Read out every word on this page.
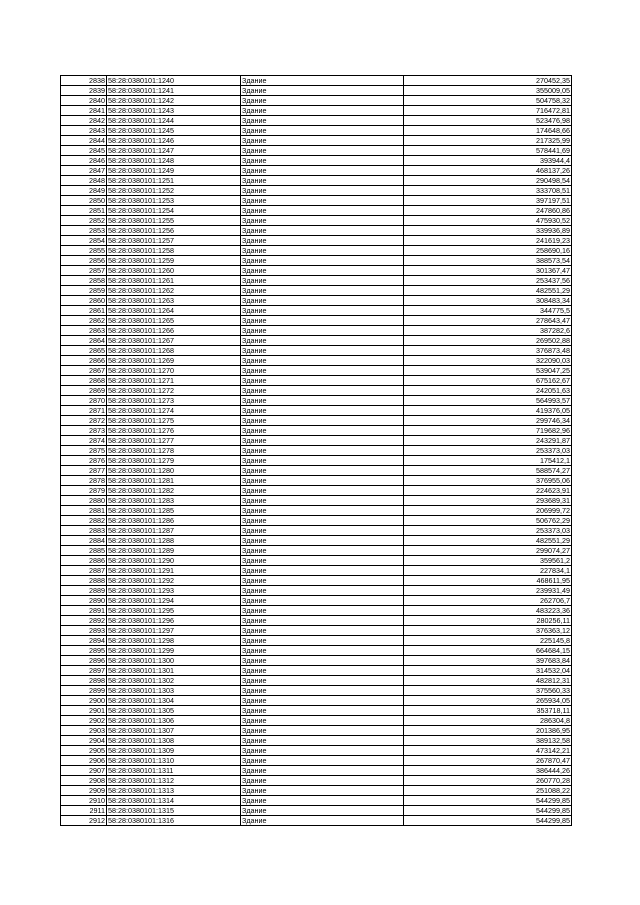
2838	58:28:0380101:1240	Здание	270452,35
2839	58:28:0380101:1241	Здание	355009,05
2840	58:28:0380101:1242	Здание	504758,32
2841	58:28:0380101:1243	Здание	716472,81
2842	58:28:0380101:1244	Здание	523476,98
2843	58:28:0380101:1245	Здание	174648,66
2844	58:28:0380101:1246	Здание	217325,99
2845	58:28:0380101:1247	Здание	578441,69
2846	58:28:0380101:1248	Здание	393944,4
2847	58:28:0380101:1249	Здание	468137,26
2848	58:28:0380101:1251	Здание	290498,54
2849	58:28:0380101:1252	Здание	333708,51
2850	58:28:0380101:1253	Здание	397197,51
2851	58:28:0380101:1254	Здание	247860,86
2852	58:28:0380101:1255	Здание	475930,52
2853	58:28:0380101:1256	Здание	339936,89
2854	58:28:0380101:1257	Здание	241619,23
2855	58:28:0380101:1258	Здание	258690,16
2856	58:28:0380101:1259	Здание	388573,54
2857	58:28:0380101:1260	Здание	301367,47
2858	58:28:0380101:1261	Здание	253437,56
2859	58:28:0380101:1262	Здание	482551,29
2860	58:28:0380101:1263	Здание	308483,34
2861	58:28:0380101:1264	Здание	344775,5
2862	58:28:0380101:1265	Здание	278643,47
2863	58:28:0380101:1266	Здание	387282,6
2864	58:28:0380101:1267	Здание	269502,88
2865	58:28:0380101:1268	Здание	376873,48
2866	58:28:0380101:1269	Здание	322090,03
2867	58:28:0380101:1270	Здание	539047,25
2868	58:28:0380101:1271	Здание	675162,67
2869	58:28:0380101:1272	Здание	242051,63
2870	58:28:0380101:1273	Здание	564993,57
2871	58:28:0380101:1274	Здание	419376,05
2872	58:28:0380101:1275	Здание	299746,34
2873	58:28:0380101:1276	Здание	719682,96
2874	58:28:0380101:1277	Здание	243291,87
2875	58:28:0380101:1278	Здание	253373,03
2876	58:28:0380101:1279	Здание	175412,1
2877	58:28:0380101:1280	Здание	588574,27
2878	58:28:0380101:1281	Здание	376955,06
2879	58:28:0380101:1282	Здание	224623,91
2880	58:28:0380101:1283	Здание	293689,31
2881	58:28:0380101:1285	Здание	206999,72
2882	58:28:0380101:1286	Здание	506762,29
2883	58:28:0380101:1287	Здание	253373,03
2884	58:28:0380101:1288	Здание	482551,29
2885	58:28:0380101:1289	Здание	299074,27
2886	58:28:0380101:1290	Здание	359561,2
2887	58:28:0380101:1291	Здание	227834,1
2888	58:28:0380101:1292	Здание	468611,95
2889	58:28:0380101:1293	Здание	239931,49
2890	58:28:0380101:1294	Здание	262706,7
2891	58:28:0380101:1295	Здание	483223,36
2892	58:28:0380101:1296	Здание	280256,11
2893	58:28:0380101:1297	Здание	376363,12
2894	58:28:0380101:1298	Здание	225145,8
2895	58:28:0380101:1299	Здание	664684,15
2896	58:28:0380101:1300	Здание	397683,84
2897	58:28:0380101:1301	Здание	314532,04
2898	58:28:0380101:1302	Здание	482812,31
2899	58:28:0380101:1303	Здание	375560,33
2900	58:28:0380101:1304	Здание	265934,05
2901	58:28:0380101:1305	Здание	353718,11
2902	58:28:0380101:1306	Здание	286304,8
2903	58:28:0380101:1307	Здание	201386,95
2904	58:28:0380101:1308	Здание	389132,58
2905	58:28:0380101:1309	Здание	473142,21
2906	58:28:0380101:1310	Здание	267870,47
2907	58:28:0380101:1311	Здание	386444,26
2908	58:28:0380101:1312	Здание	260770,28
2909	58:28:0380101:1313	Здание	251088,22
2910	58:28:0380101:1314	Здание	544299,85
2911	58:28:0380101:1315	Здание	544299,85
2912	58:28:0380101:1316	Здание	544299,85
